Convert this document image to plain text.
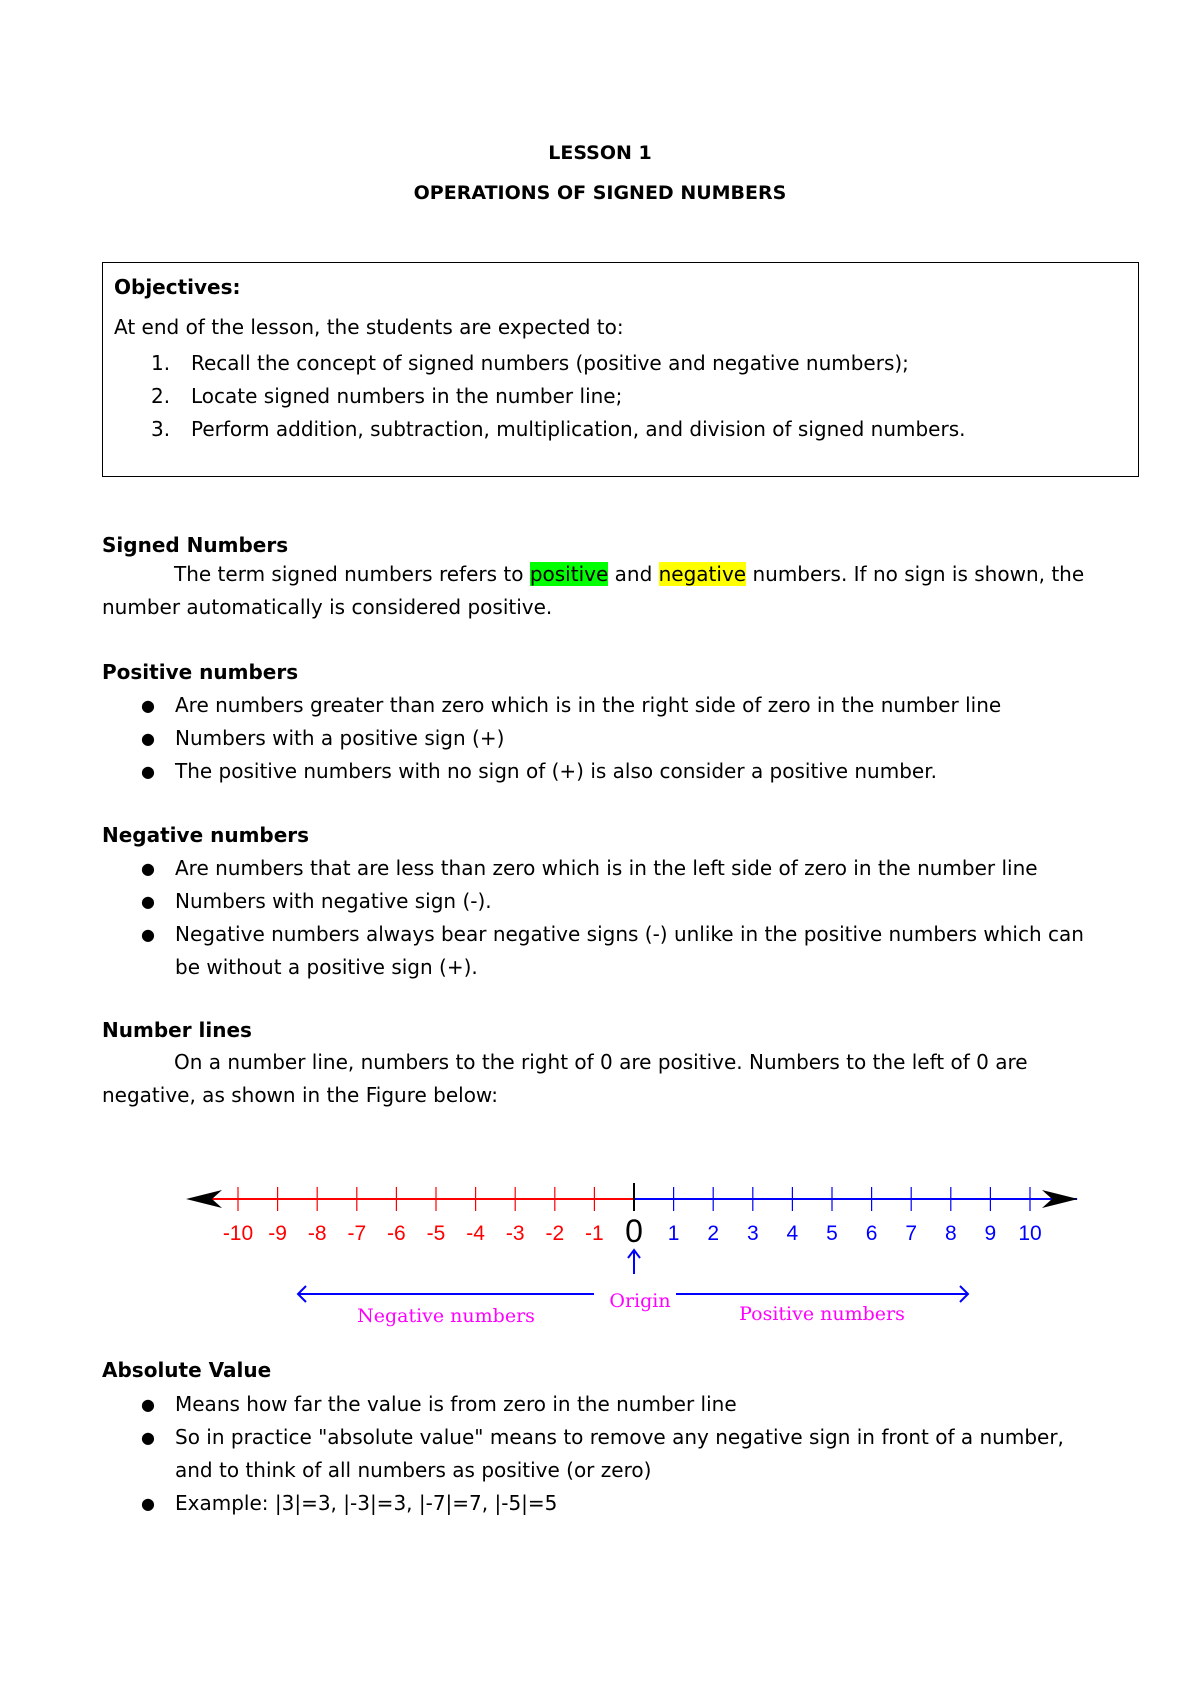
LESSON 1
OPERATIONS OF SIGNED NUMBERS
Objectives:
At end of the lesson, the students are expected to:
1. Recall the concept of signed numbers (positive and negative numbers);
2. Locate signed numbers in the number line;
3. Perform addition, subtraction, multiplication, and division of signed numbers.
Signed Numbers
The term signed numbers refers to positive and negative numbers. If no sign is shown, the number automatically is considered positive.
Positive numbers
● Are numbers greater than zero which is in the right side of zero in the number line
● Numbers with a positive sign (+)
● The positive numbers with no sign of (+) is also consider a positive number.
Negative numbers
● Are numbers that are less than zero which is in the left side of zero in the number line
● Numbers with negative sign (-).
● Negative numbers always bear negative signs (-) unlike in the positive numbers which can be without a positive sign (+).
Number lines
On a number line, numbers to the right of 0 are positive. Numbers to the left of 0 are negative, as shown in the Figure below:
-10 -9 -8 -7 -6 -5 -4 -3 -2 -1 0 1 2 3 4 5 6 7 8 9 10
Negative numbers
Origin
Positive numbers
Absolute Value
● Means how far the value is from zero in the number line
● So in practice "absolute value" means to remove any negative sign in front of a number, and to think of all numbers as positive (or zero)
● Example: |3|=3, |-3|=3, |-7|=7, |-5|=5
